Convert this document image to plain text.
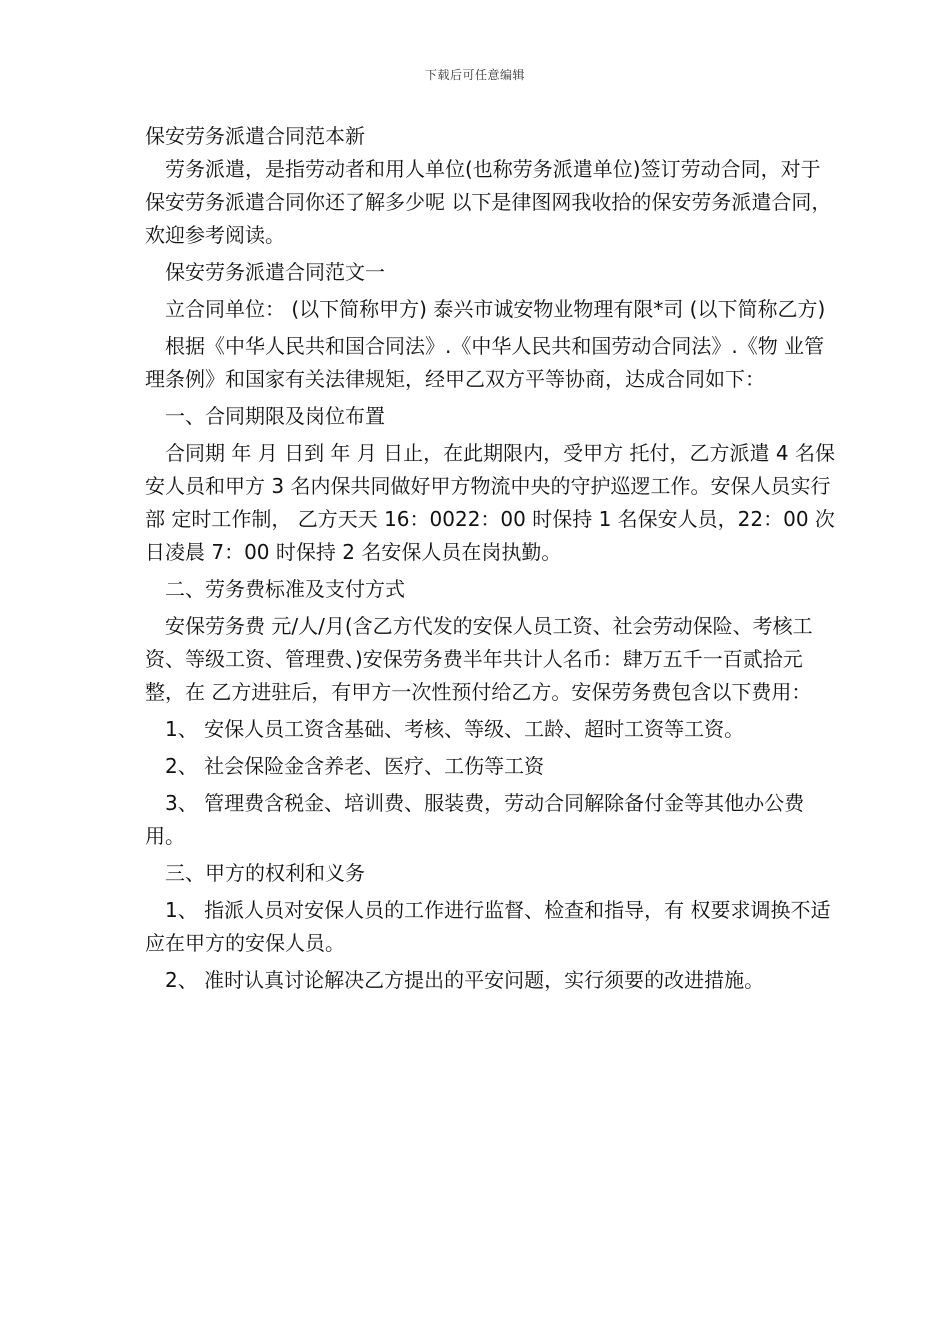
下载后可任意编辑

保安劳务派遣合同范本新

劳务派遣，是指劳动者和用人单位(也称劳务派遣单位)签订劳动合同，对于保安劳务派遣合同你还了解多少呢 以下是律图网我收拾的保安劳务派遣合同，欢迎参考阅读。

保安劳务派遣合同范文一

立合同单位： (以下简称甲方) 泰兴市诚安物业物理有限*司 (以下简称乙方)

根据《中华人民共和国合同法》.《中华人民共和国劳动合同法》.《物 业管理条例》和国家有关法律规矩，经甲乙双方平等协商，达成合同如下：

一、合同期限及岗位布置

合同期 年 月 日到 年 月 日止，在此期限内，受甲方 托付，乙方派遣 4 名保安人员和甲方 3 名内保共同做好甲方物流中央的守护巡逻工作。安保人员实行部 定时工作制， 乙方天天 16：0022：00 时保持 1 名保安人员，22：00 次日凌晨 7：00 时保持 2 名安保人员在岗执勤。

二、劳务费标准及支付方式

安保劳务费 元/人/月(含乙方代发的安保人员工资、社会劳动保险、考核工资、等级工资、管理费、)安保劳务费半年共计人名币：肆万五千一百贰拾元整，在 乙方进驻后，有甲方一次性预付给乙方。安保劳务费包含以下费用：

1、 安保人员工资含基础、考核、等级、工龄、超时工资等工资。

2、 社会保险金含养老、医疗、工伤等工资

3、 管理费含税金、培训费、服装费，劳动合同解除备付金等其他办公费用。

三、甲方的权利和义务

1、 指派人员对安保人员的工作进行监督、检查和指导，有 权要求调换不适应在甲方的安保人员。

2、 准时认真讨论解决乙方提出的平安问题，实行须要的改进措施。
